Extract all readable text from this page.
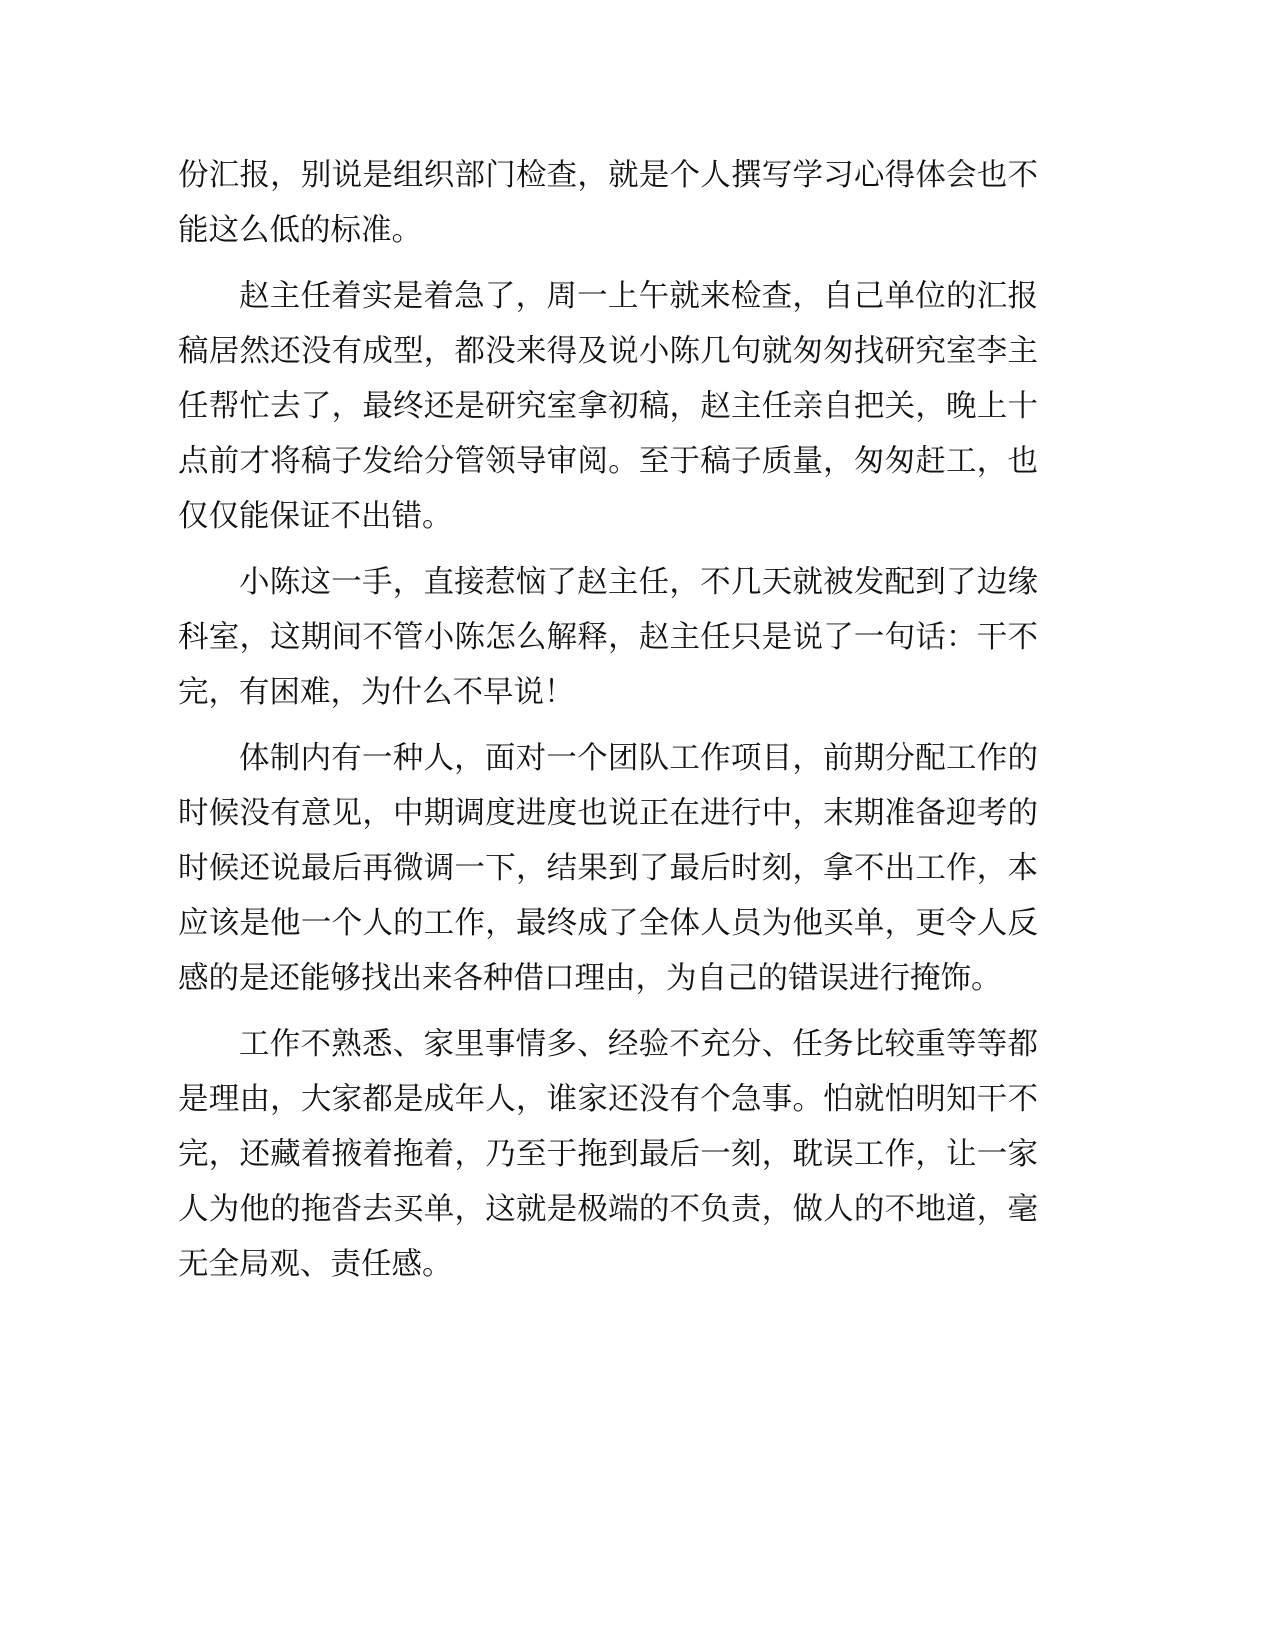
份汇报，别说是组织部门检查，就是个人撰写学习心得体会也不能这么低的标准。

赵主任着实是着急了，周一上午就来检查，自己单位的汇报稿居然还没有成型，都没来得及说小陈几句就匆匆找研究室李主任帮忙去了，最终还是研究室拿初稿，赵主任亲自把关，晚上十点前才将稿子发给分管领导审阅。至于稿子质量，匆匆赶工，也仅仅能保证不出错。

小陈这一手，直接惹恼了赵主任，不几天就被发配到了边缘科室，这期间不管小陈怎么解释，赵主任只是说了一句话：干不完，有困难，为什么不早说！

体制内有一种人，面对一个团队工作项目，前期分配工作的时候没有意见，中期调度进度也说正在进行中，末期准备迎考的时候还说最后再微调一下，结果到了最后时刻，拿不出工作，本应该是他一个人的工作，最终成了全体人员为他买单，更令人反感的是还能够找出来各种借口理由，为自己的错误进行掩饰。

工作不熟悉、家里事情多、经验不充分、任务比较重等等都是理由，大家都是成年人，谁家还没有个急事。怕就怕明知干不完，还藏着掖着拖着，乃至于拖到最后一刻，耽误工作，让一家人为他的拖沓去买单，这就是极端的不负责，做人的不地道，毫无全局观、责任感。
